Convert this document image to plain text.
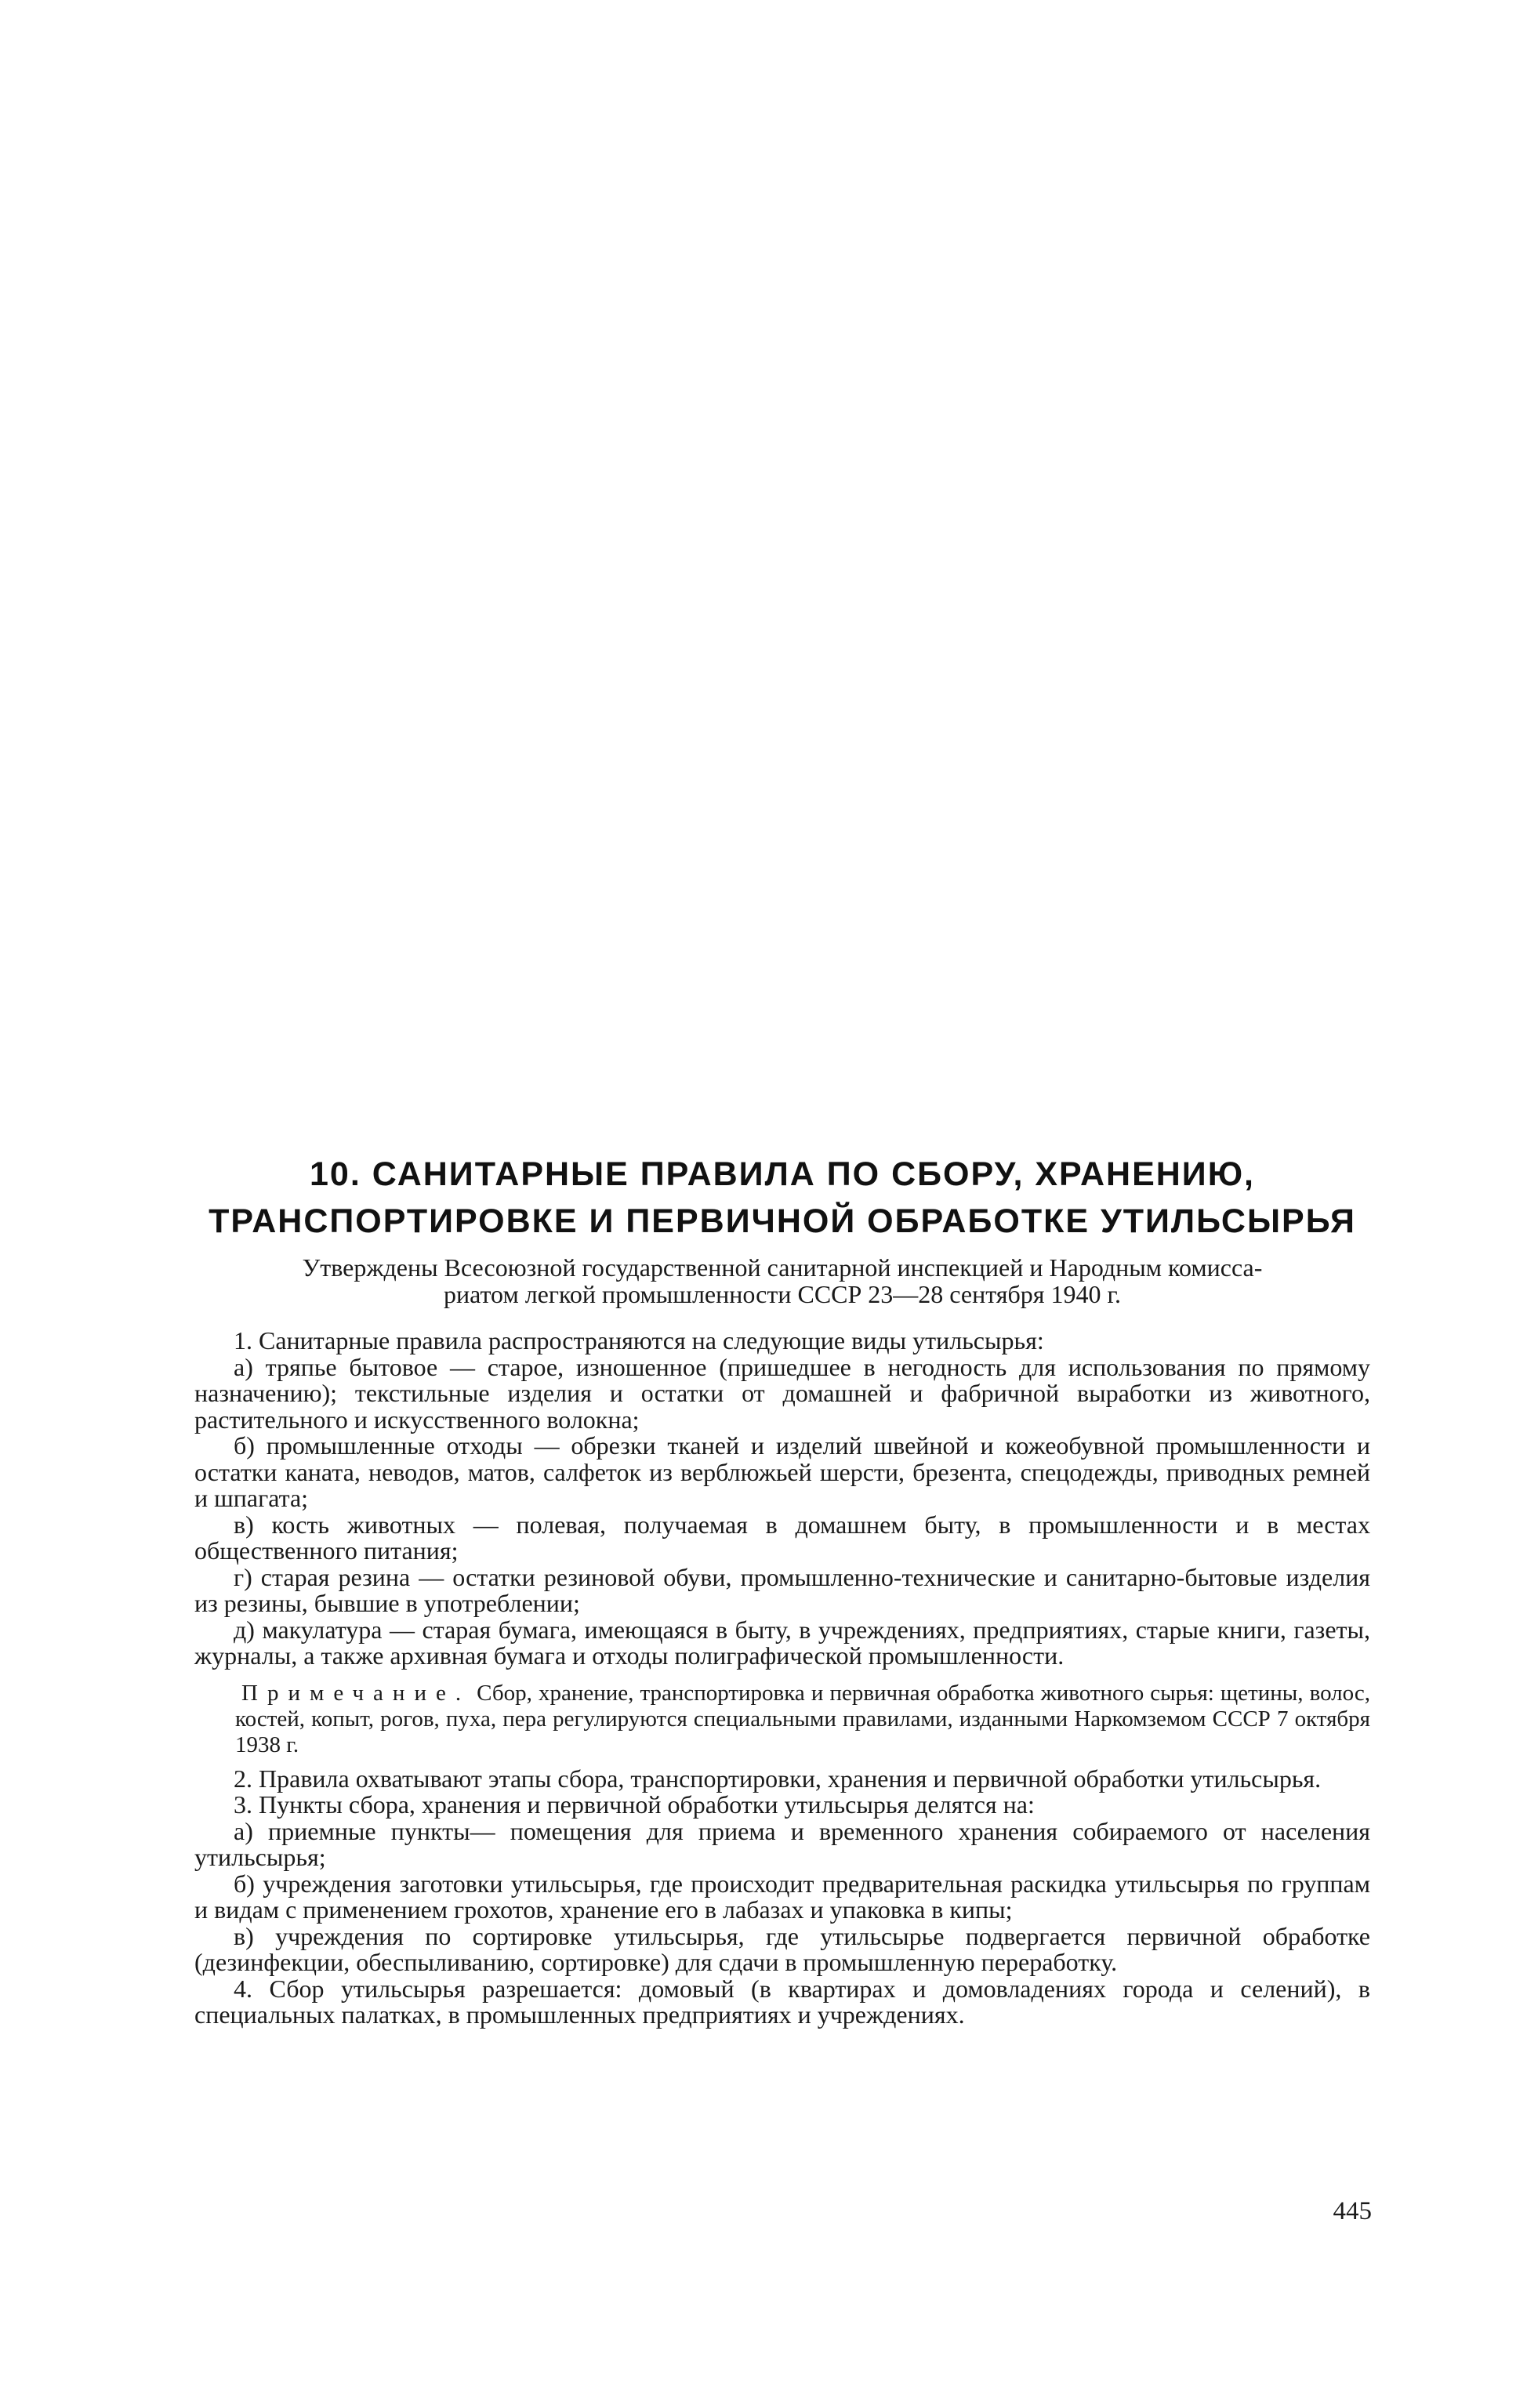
10. САНИТАРНЫЕ ПРАВИЛА ПО СБОРУ, ХРАНЕНИЮ,
ТРАНСПОРТИРОВКЕ И ПЕРВИЧНОЙ ОБРАБОТКЕ УТИЛЬСЫРЬЯ
Утверждены Всесоюзной государственной санитарной инспекцией и Народным комисса-
риатом легкой промышленности СССР 23—28 сентября 1940 г.

1. Санитарные правила распространяются на следующие виды утильсырья:

а) тряпье бытовое — старое, изношенное (пришедшее в негодность для использования по прямому назначению); текстильные изделия и остатки от домашней и фабричной выработки из животного, растительного и искусственного волокна;

б) промышленные отходы — обрезки тканей и изделий швейной и кожеобувной промышленности и остатки каната, неводов, матов, салфеток из верблюжьей шерсти, брезента, спецодежды, приводных ремней и шпагата;

в) кость животных — полевая, получаемая в домашнем быту, в промышленности и в местах общественного питания;

г) старая резина — остатки резиновой обуви, промышленно-технические и санитарно-бытовые изделия из резины, бывшие в употреблении;

д) макулатура — старая бумага, имеющаяся в быту, в учреждениях, предприятиях, старые книги, газеты, журналы, а также архивная бумага и отходы полиграфической промышленности.

Примечание. Сбор, хранение, транспортировка и первичная обработка животного сырья: щетины, волос, костей, копыт, рогов, пуха, пера регулируются специальными правилами, изданными Наркомземом СССР 7 октября 1938 г.

2. Правила охватывают этапы сбора, транспортировки, хранения и первичной обработки утильсырья.

3. Пункты сбора, хранения и первичной обработки утильсырья делятся на:

а) приемные пункты— помещения для приема и временного хранения собираемого от населения утильсырья;

б) учреждения заготовки утильсырья, где происходит предварительная раскидка утильсырья по группам и видам с применением грохотов, хранение его в лабазах и упаковка в кипы;

в) учреждения по сортировке утильсырья, где утильсырье подвергается первичной обработке (дезинфекции, обеспыливанию, сортировке) для сдачи в промышленную переработку.

4. Сбор утильсырья разрешается: домовый (в квартирах и домовладениях города и селений), в специальных палатках, в промышленных предприятиях и учреждениях.

445
